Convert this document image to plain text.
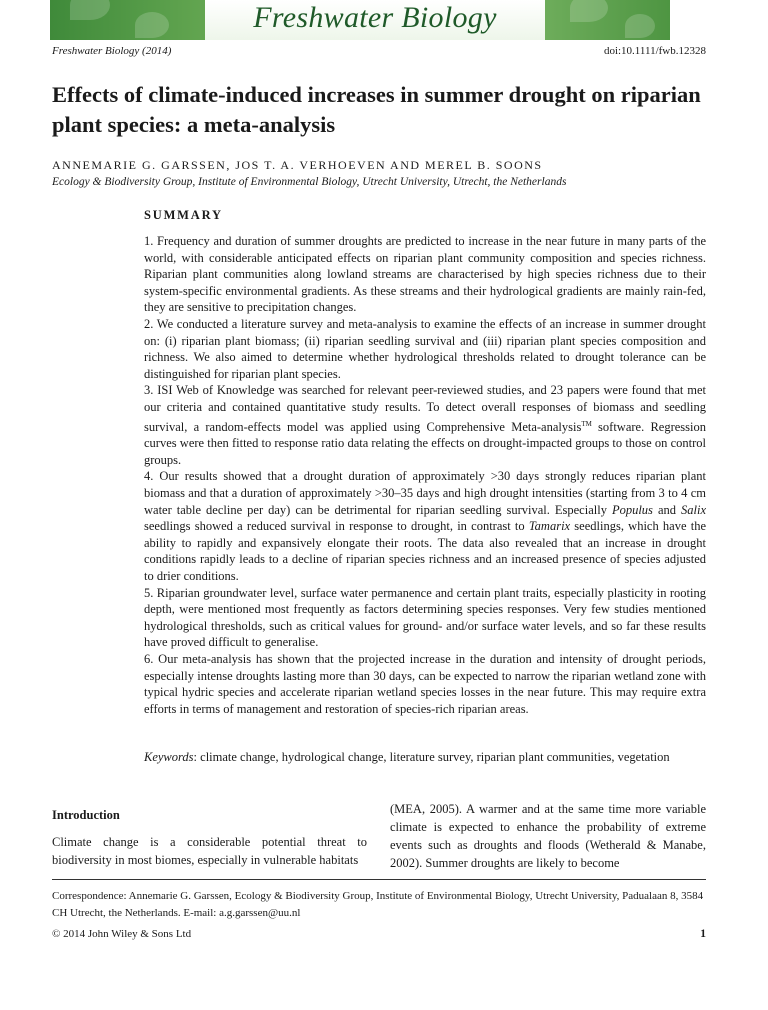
Freshwater Biology
Freshwater Biology (2014)	doi:10.1111/fwb.12328
Effects of climate-induced increases in summer drought on riparian plant species: a meta-analysis
ANNEMARIE G. GARSSEN, JOS T. A. VERHOEVEN AND MEREL B. SOONS
Ecology & Biodiversity Group, Institute of Environmental Biology, Utrecht University, Utrecht, the Netherlands
SUMMARY

1. Frequency and duration of summer droughts are predicted to increase in the near future in many parts of the world, with considerable anticipated effects on riparian plant community composition and species richness. Riparian plant communities along lowland streams are characterised by high species richness due to their system-specific environmental gradients. As these streams and their hydrological gradients are mainly rain-fed, they are sensitive to precipitation changes.

2. We conducted a literature survey and meta-analysis to examine the effects of an increase in summer drought on: (i) riparian plant biomass; (ii) riparian seedling survival and (iii) riparian plant species composition and richness. We also aimed to determine whether hydrological thresholds related to drought tolerance can be distinguished for riparian plant species.

3. ISI Web of Knowledge was searched for relevant peer-reviewed studies, and 23 papers were found that met our criteria and contained quantitative study results. To detect overall responses of biomass and seedling survival, a random-effects model was applied using Comprehensive Meta-analysis™ software. Regression curves were then fitted to response ratio data relating the effects on drought-impacted groups to those on control groups.

4. Our results showed that a drought duration of approximately >30 days strongly reduces riparian plant biomass and that a duration of approximately >30–35 days and high drought intensities (starting from 3 to 4 cm water table decline per day) can be detrimental for riparian seedling survival. Especially Populus and Salix seedlings showed a reduced survival in response to drought, in contrast to Tamarix seedlings, which have the ability to rapidly and expansively elongate their roots. The data also revealed that an increase in drought conditions rapidly leads to a decline of riparian species richness and an increased presence of species adjusted to drier conditions.

5. Riparian groundwater level, surface water permanence and certain plant traits, especially plasticity in rooting depth, were mentioned most frequently as factors determining species responses. Very few studies mentioned hydrological thresholds, such as critical values for ground- and/or surface water levels, and so far these results have proved difficult to generalise.

6. Our meta-analysis has shown that the projected increase in the duration and intensity of drought periods, especially intense droughts lasting more than 30 days, can be expected to narrow the riparian wetland zone with typical hydric species and accelerate riparian wetland species losses in the near future. This may require extra efforts in terms of management and restoration of species-rich riparian areas.

Keywords: climate change, hydrological change, literature survey, riparian plant communities, vegetation
Introduction

Climate change is a considerable potential threat to biodiversity in most biomes, especially in vulnerable habitats

(MEA, 2005). A warmer and at the same time more variable climate is expected to enhance the probability of extreme events such as droughts and floods (Wetherald & Manabe, 2002). Summer droughts are likely to become

Correspondence: Annemarie G. Garssen, Ecology & Biodiversity Group, Institute of Environmental Biology, Utrecht University, Padualaan 8, 3584 CH Utrecht, the Netherlands. E-mail: a.g.garssen@uu.nl
© 2014 John Wiley & Sons Ltd	1
